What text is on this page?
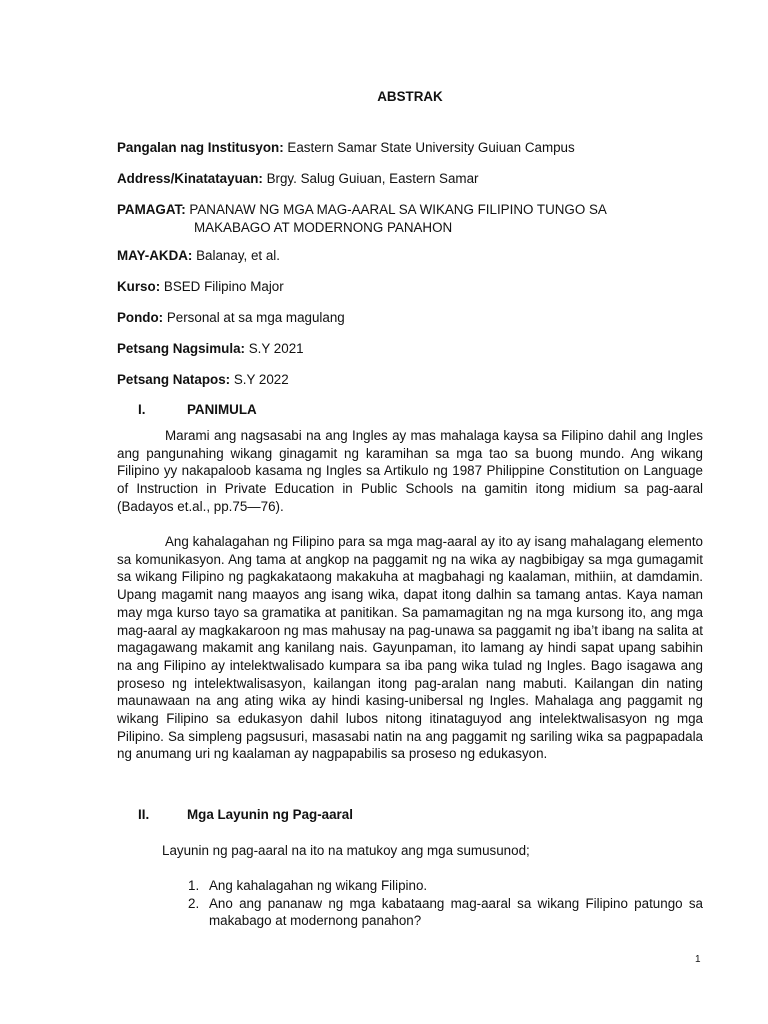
ABSTRAK
Pangalan nag Institusyon: Eastern Samar State University Guiuan Campus
Address/Kinatatayuan: Brgy. Salug Guiuan, Eastern Samar
PAMAGAT: PANANAW NG MGA MAG-AARAL SA WIKANG FILIPINO TUNGO SA
MAKABAGO AT MODERNONG PANAHON
MAY-AKDA: Balanay, et al.
Kurso: BSED Filipino Major
Pondo: Personal at sa mga magulang
Petsang Nagsimula: S.Y 2021
Petsang Natapos: S.Y 2022
I.	PANIMULA

Marami ang nagsasabi na ang Ingles ay mas mahalaga kaysa sa Filipino dahil ang Ingles ang pangunahing wikang ginagamit ng karamihan sa mga tao sa buong mundo. Ang wikang Filipino yy nakapaloob kasama ng Ingles sa Artikulo ng 1987 Philippine Constitution on Language of Instruction in Private Education in Public Schools na gamitin itong midium sa pag-aaral (Badayos et.al., pp.75—76).

Ang kahalagahan ng Filipino para sa mga mag-aaral ay ito ay isang mahalagang elemento sa komunikasyon. Ang tama at angkop na paggamit ng na wika ay nagbibigay sa mga gumagamit sa wikang Filipino ng pagkakataong makakuha at magbahagi ng kaalaman, mithiin, at damdamin. Upang magamit nang maayos ang isang wika, dapat itong dalhin sa tamang antas. Kaya naman may mga kurso tayo sa gramatika at panitikan. Sa pamamagitan ng na mga kursong ito, ang mga mag-aaral ay magkakaroon ng mas mahusay na pag-unawa sa paggamit ng iba’t ibang na salita at magagawang makamit ang kanilang nais. Gayunpaman, ito lamang ay hindi sapat upang sabihin na ang Filipino ay intelektwalisado kumpara sa iba pang wika tulad ng Ingles. Bago isagawa ang proseso ng intelektwalisasyon, kailangan itong pag-aralan nang mabuti. Kailangan din nating maunawaan na ang ating wika ay hindi kasing-unibersal ng Ingles. Mahalaga ang paggamit ng wikang Filipino sa edukasyon dahil lubos nitong itinataguyod ang intelektwalisasyon ng mga Pilipino. Sa simpleng pagsusuri, masasabi natin na ang paggamit ng sariling wika sa pagpapadala ng anumang uri ng kaalaman ay nagpapabilis sa proseso ng edukasyon.

II.	Mga Layunin ng Pag-aaral
Layunin ng pag-aaral na ito na matukoy ang mga sumusunod;
1. Ang kahalagahan ng wikang Filipino.
2. Ano ang pananaw ng mga kabataang mag-aaral sa wikang Filipino patungo sa makabago at modernong panahon?
1
